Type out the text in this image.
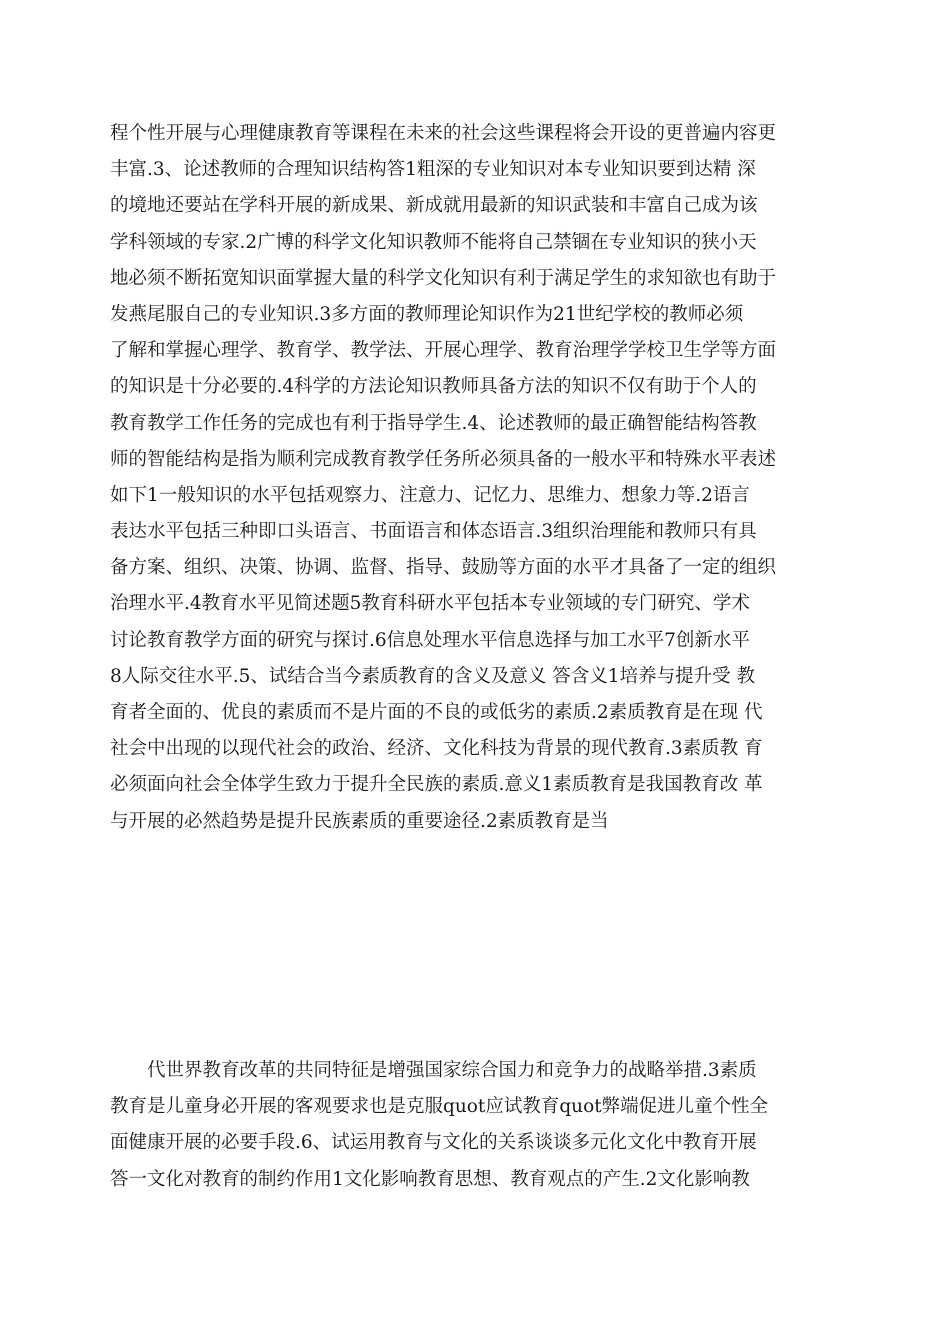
程个性开展与心理健康教育等课程在未来的社会这些课程将会开设的更普遍内容更
丰富.3、论述教师的合理知识结构答1粗深的专业知识对本专业知识要到达精 深
的境地还要站在学科开展的新成果、新成就用最新的知识武装和丰富自己成为该
学科领域的专家.2广博的科学文化知识教师不能将自己禁锢在专业知识的狭小天
地必须不断拓宽知识面掌握大量的科学文化知识有利于满足学生的求知欲也有助于
发燕尾服自己的专业知识.3多方面的教师理论知识作为21世纪学校的教师必须
了解和掌握心理学、教育学、教学法、开展心理学、教育治理学学校卫生学等方面
的知识是十分必要的.4科学的方法论知识教师具备方法的知识不仅有助于个人的
教育教学工作任务的完成也有利于指导学生.4、论述教师的最正确智能结构答教
师的智能结构是指为顺利完成教育教学任务所必须具备的一般水平和特殊水平表述
如下1一般知识的水平包括观察力、注意力、记忆力、思维力、想象力等.2语言
表达水平包括三种即口头语言、书面语言和体态语言.3组织治理能和教师只有具
备方案、组织、决策、协调、监督、指导、鼓励等方面的水平才具备了一定的组织
治理水平.4教育水平见简述题5教育科研水平包括本专业领域的专门研究、学术
讨论教育教学方面的研究与探讨.6信息处理水平信息选择与加工水平7创新水平
8人际交往水平.5、试结合当今素质教育的含义及意义 答含义1培养与提升受 教
育者全面的、优良的素质而不是片面的不良的或低劣的素质.2素质教育是在现 代
社会中出现的以现代社会的政治、经济、文化科技为背景的现代教育.3素质教 育
必须面向社会全体学生致力于提升全民族的素质.意义1素质教育是我国教育改 革
与开展的必然趋势是提升民族素质的重要途径.2素质教育是当
　　代世界教育改革的共同特征是增强国家综合国力和竞争力的战略举措.3素质
教育是儿童身必开展的客观要求也是克服quot应试教育quot弊端促进儿童个性全
面健康开展的必要手段.6、试运用教育与文化的关系谈谈多元化文化中教育开展
答一文化对教育的制约作用1文化影响教育思想、教育观点的产生.2文化影响教
